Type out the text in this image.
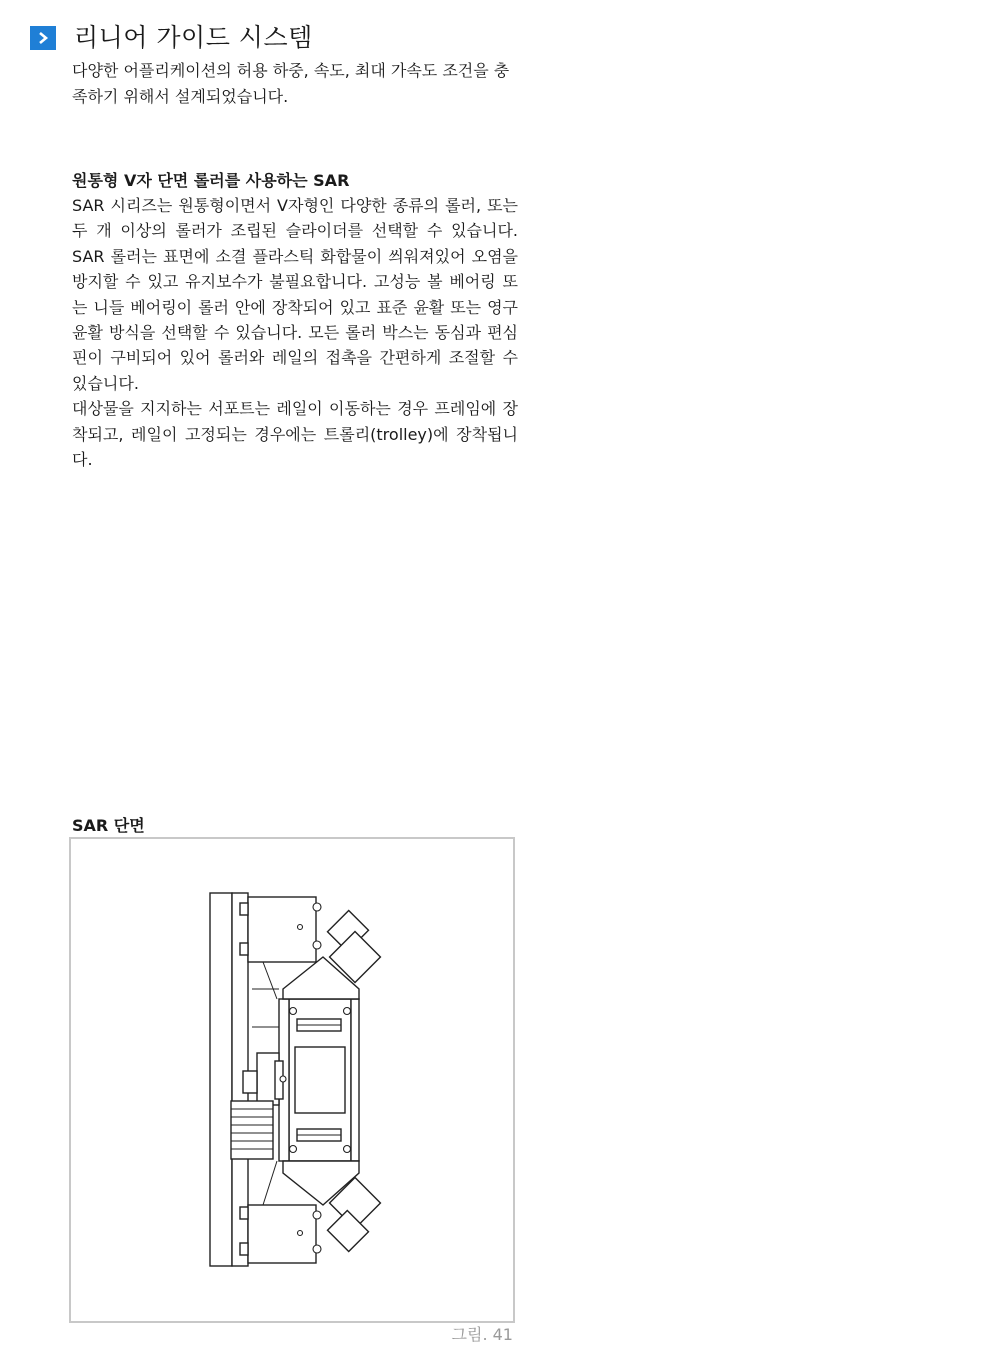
리니어 가이드 시스템
다양한 어플리케이션의 허용 하중, 속도, 최대 가속도 조건을 충족하기 위해서 설계되었습니다.
원통형 V자 단면 롤러를 사용하는 SAR

SAR 시리즈는 원통형이면서 V자형인 다양한 종류의 롤러, 또는 두 개 이상의 롤러가 조립된 슬라이더를 선택할 수 있습니다. SAR 롤러는 표면에 소결 플라스틱 화합물이 씌워져있어 오염을 방지할 수 있고 유지보수가 불필요합니다. 고성능 볼 베어링 또는 니들 베어링이 롤러 안에 장착되어 있고 표준 윤활 또는 영구 윤활 방식을 선택할 수 있습니다. 모든 롤러 박스는 동심과 편심 핀이 구비되어 있어 롤러와 레일의 접촉을 간편하게 조절할 수 있습니다.

대상물을 지지하는 서포트는 레일이 이동하는 경우 프레임에 장착되고, 레일이 고정되는 경우에는 트롤리(trolley)에 장착됩니다.

SAR 단면
그림. 41
